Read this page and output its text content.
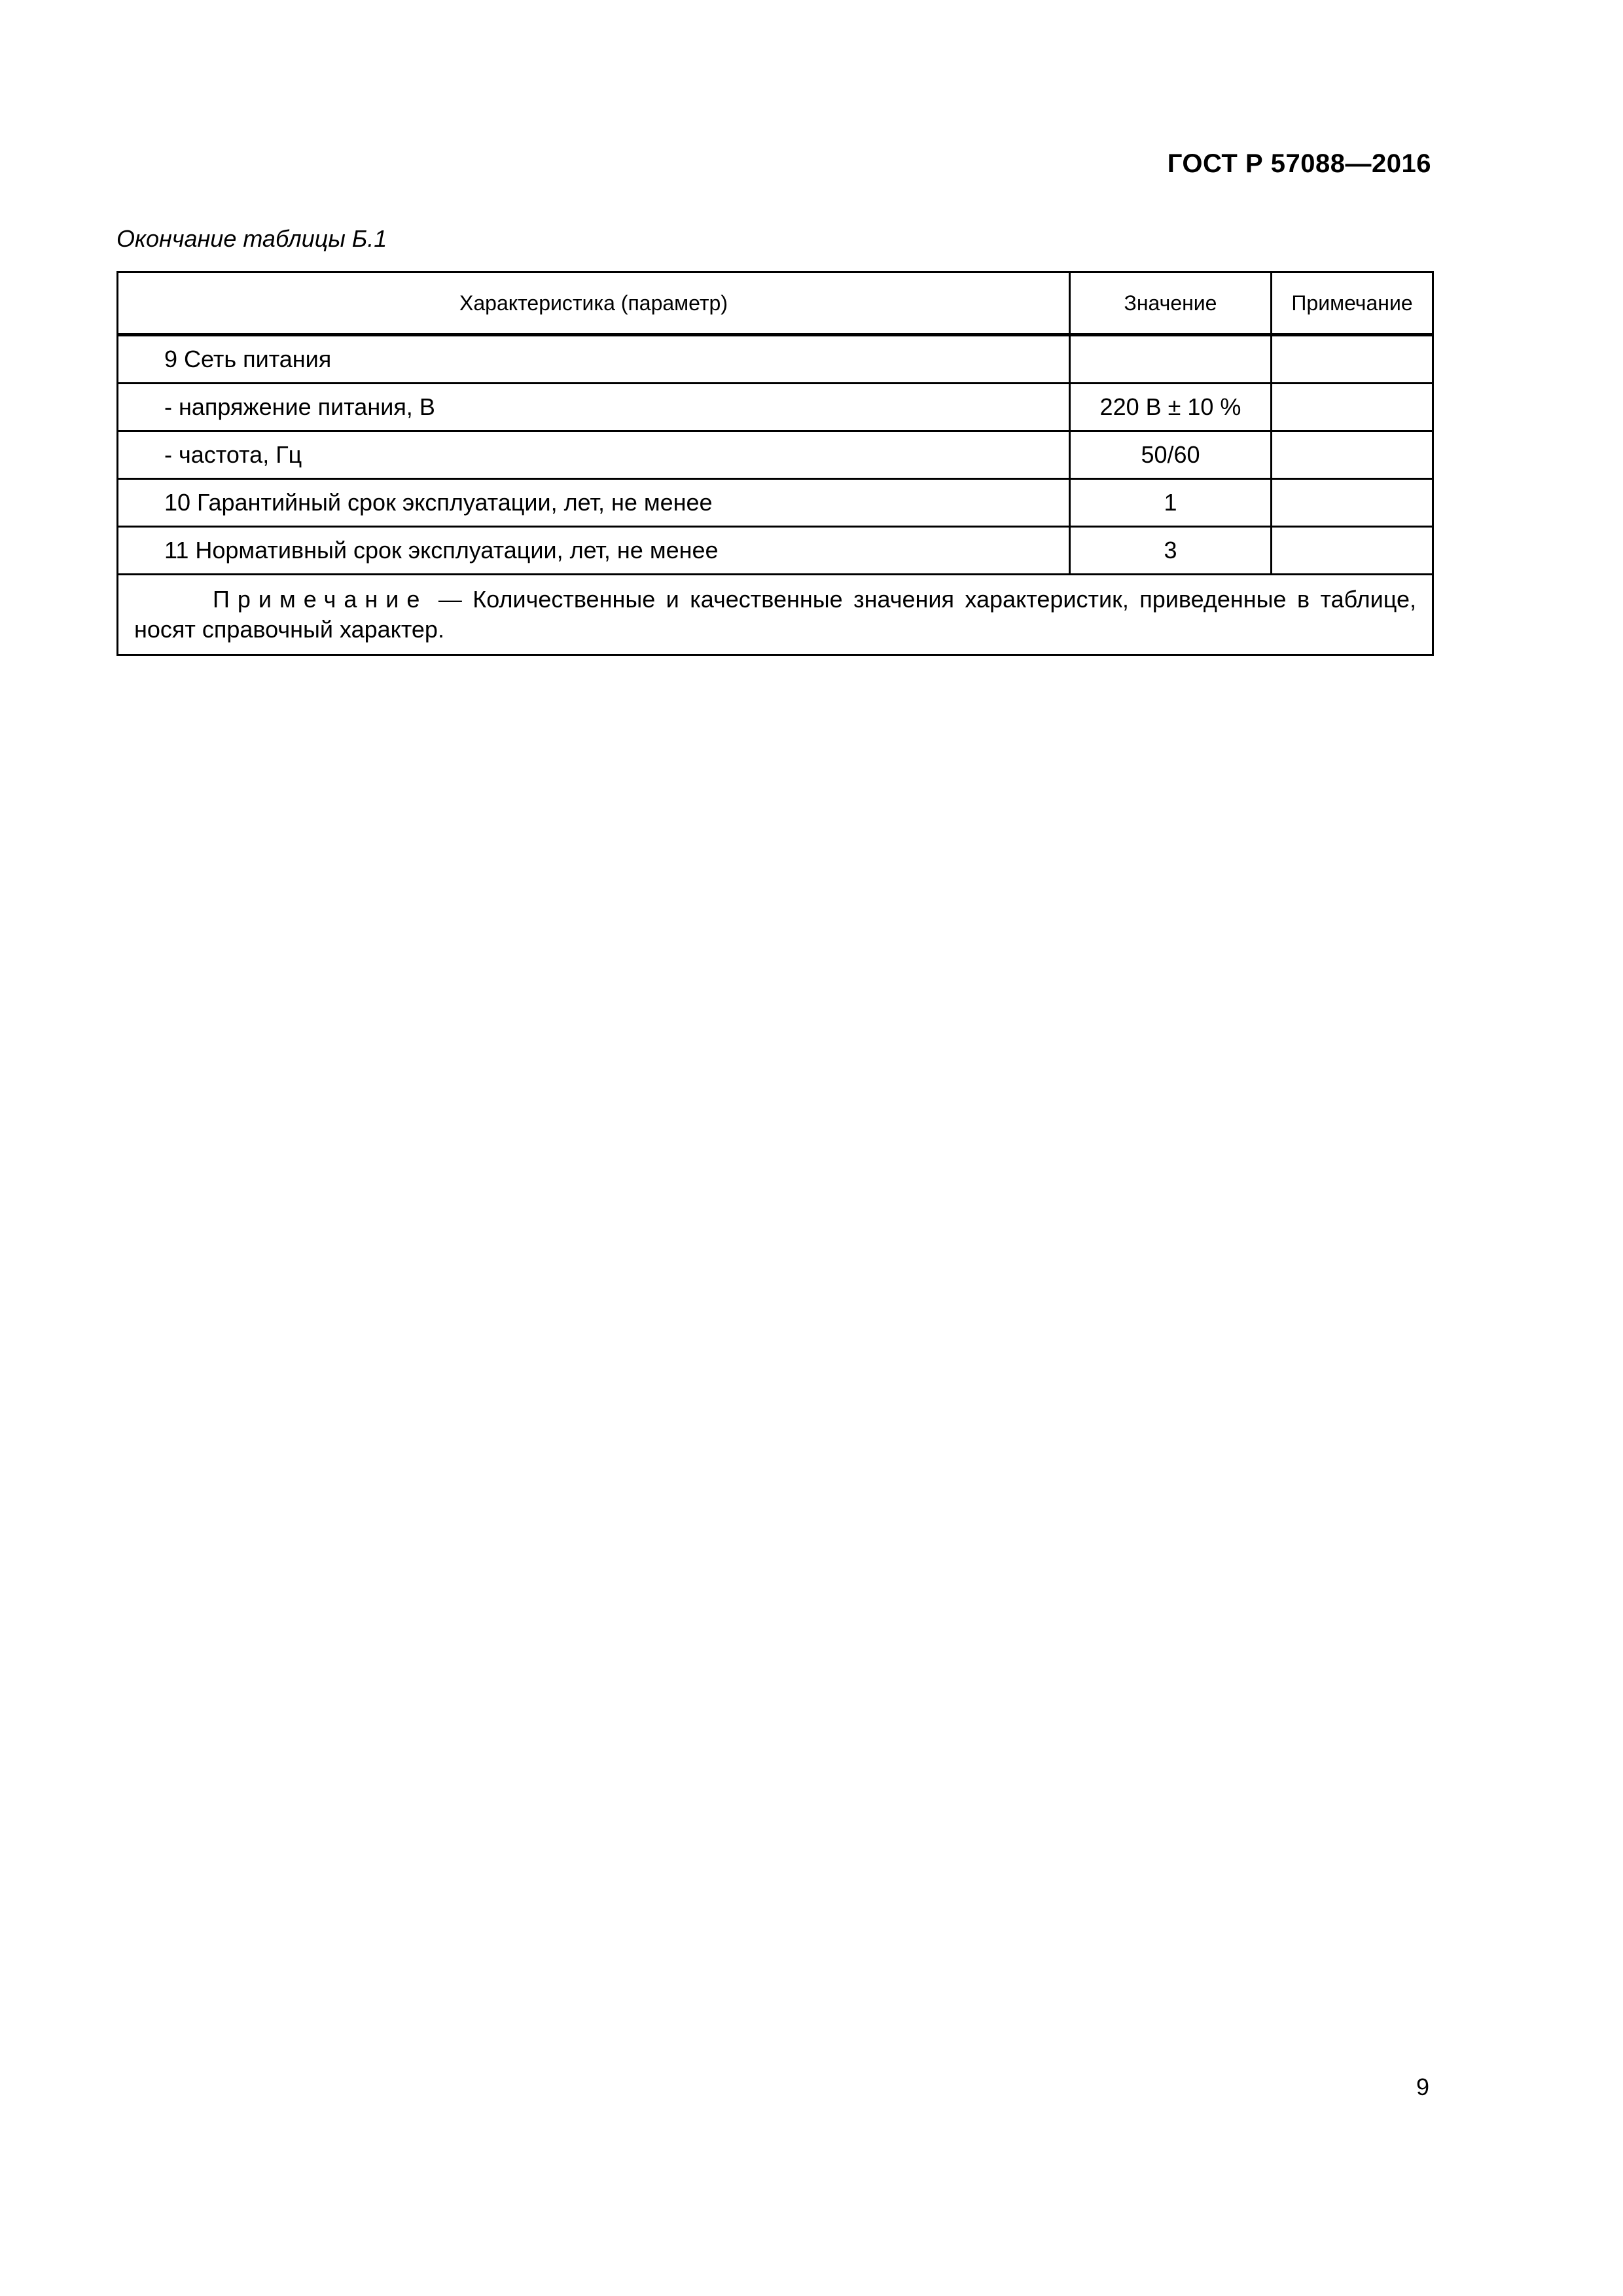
ГОСТ Р 57088—2016
Окончание таблицы Б.1
Характеристика (параметр)	Значение	Примечание
9 Сеть питания		
- напряжение питания, В	220 В ± 10 %	
- частота, Гц	50/60	
10 Гарантийный срок эксплуатации, лет, не менее	1	
11 Нормативный срок эксплуатации, лет, не менее	3	
Примечание — Количественные и качественные значения характеристик, приведенные в таблице, носят справочный характер.		
9
